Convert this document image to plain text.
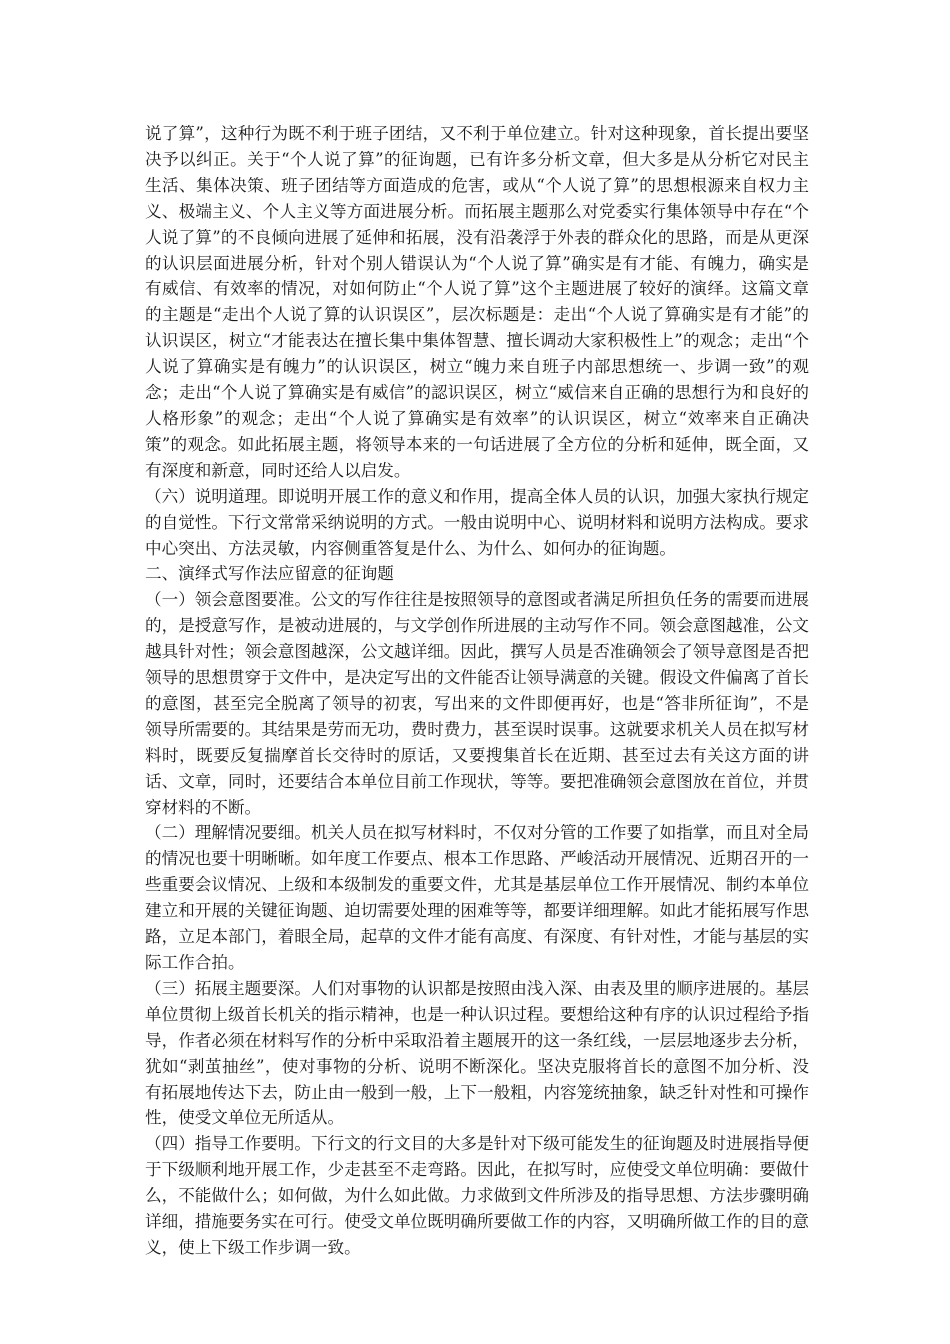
说了算”，这种行为既不利于班子团结，又不利于单位建立。针对这种现象，首长提出要坚决予以纠正。关于“个人说了算”的征询题，已有许多分析文章，但大多是从分析它对民主生活、集体决策、班子团结等方面造成的危害，或从“个人说了算”的思想根源来自权力主义、极端主义、个人主义等方面进展分析。而拓展主题那么对党委实行集体领导中存在“个人说了算”的不良倾向进展了延伸和拓展，没有沿袭浮于外表的群众化的思路，而是从更深的认识层面进展分析，针对个别人错误认为“个人说了算”确实是有才能、有魄力，确实是有威信、有效率的情况，对如何防止“个人说了算”这个主题进展了较好的演绎。这篇文章的主题是“走出个人说了算的认识误区”，层次标题是：走出“个人说了算确实是有才能”的认识误区，树立“才能表达在擅长集中集体智慧、擅长调动大家积极性上”的观念；走出“个人说了算确实是有魄力”的认识误区，树立“魄力来自班子内部思想统一、步调一致”的观念；走出“个人说了算确实是有威信”的認识误区，树立“威信来自正确的思想行为和良好的人格形象”的观念；走出“个人说了算确实是有效率”的认识误区，树立“效率来自正确决策”的观念。如此拓展主题，将领导本来的一句话进展了全方位的分析和延伸，既全面，又有深度和新意，同时还给人以启发。

（六）说明道理。即说明开展工作的意义和作用，提高全体人员的认识，加强大家执行规定的自觉性。下行文常常采纳说明的方式。一般由说明中心、说明材料和说明方法构成。要求中心突出、方法灵敏，内容侧重答复是什么、为什么、如何办的征询题。

二、演绎式写作法应留意的征询题

（一）领会意图要准。公文的写作往往是按照领导的意图或者满足所担负任务的需要而进展的，是授意写作，是被动进展的，与文学创作所进展的主动写作不同。领会意图越准，公文越具针对性；领会意图越深，公文越详细。因此，撰写人员是否准确领会了领导意图是否把领导的思想贯穿于文件中，是决定写出的文件能否让领导满意的关键。假设文件偏离了首长的意图，甚至完全脱离了领导的初衷，写出来的文件即便再好，也是“答非所征询”，不是领导所需要的。其结果是劳而无功，费时费力，甚至误时误事。这就要求机关人员在拟写材料时，既要反复揣摩首长交待时的原话，又要搜集首长在近期、甚至过去有关这方面的讲话、文章，同时，还要结合本单位目前工作现状，等等。要把准确领会意图放在首位，并贯穿材料的不断。

（二）理解情况要细。机关人员在拟写材料时，不仅对分管的工作要了如指掌，而且对全局的情况也要十明晰晰。如年度工作要点、根本工作思路、严峻活动开展情况、近期召开的一些重要会议情况、上级和本级制发的重要文件，尤其是基层单位工作开展情况、制约本单位建立和开展的关键征询题、迫切需要处理的困难等等，都要详细理解。如此才能拓展写作思路，立足本部门，着眼全局，起草的文件才能有高度、有深度、有针对性，才能与基层的实际工作合拍。

（三）拓展主题要深。人们对事物的认识都是按照由浅入深、由表及里的顺序进展的。基层单位贯彻上级首长机关的指示精神，也是一种认识过程。要想给这种有序的认识过程给予指导，作者必须在材料写作的分析中采取沿着主题展开的这一条红线，一层层地逐步去分析，犹如“剥茧抽丝”，使对事物的分析、说明不断深化。坚决克服将首长的意图不加分析、没有拓展地传达下去，防止由一般到一般，上下一般粗，内容笼统抽象，缺乏针对性和可操作性，使受文单位无所适从。

（四）指导工作要明。下行文的行文目的大多是针对下级可能发生的征询题及时进展指导便于下级顺利地开展工作，少走甚至不走弯路。因此，在拟写时，应使受文单位明确：要做什么，不能做什么；如何做，为什么如此做。力求做到文件所涉及的指导思想、方法步骤明确详细，措施要务实在可行。使受文单位既明确所要做工作的内容，又明确所做工作的目的意义，使上下级工作步调一致。
